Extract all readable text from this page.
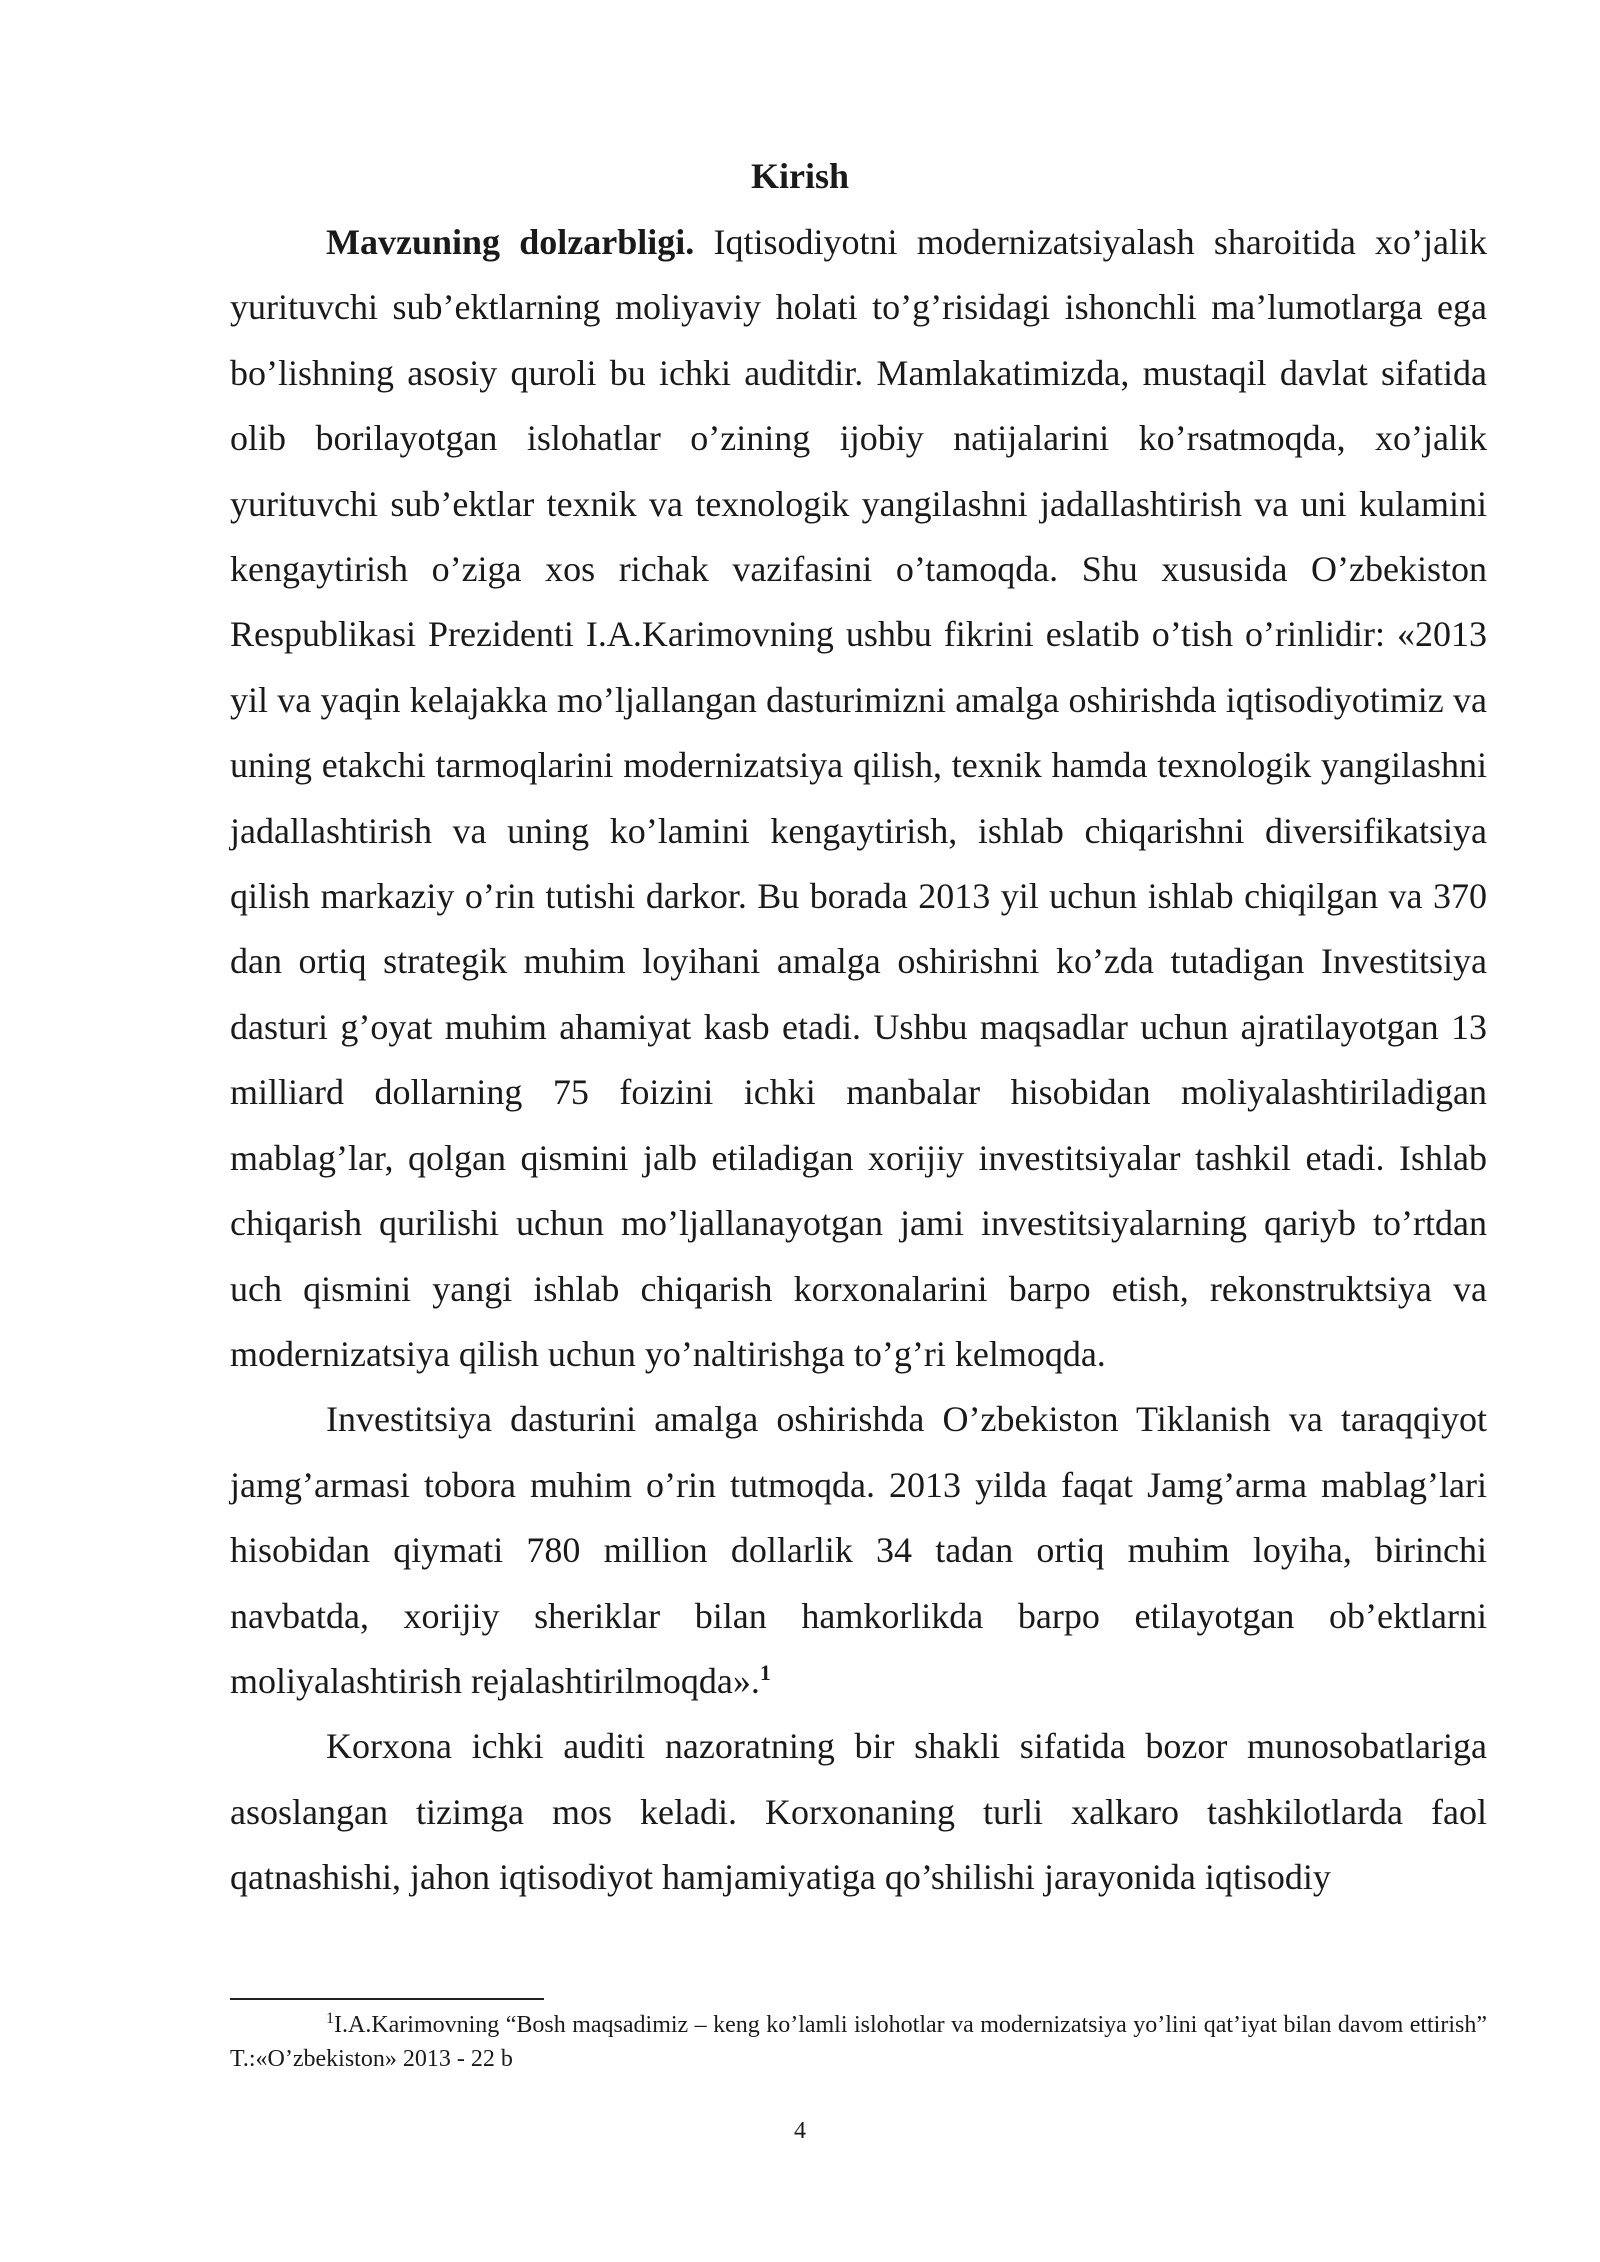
Kirish

Mavzuning dolzarbligi. Iqtisodiyotni modernizatsiyalash sharoitida xo’jalik yurituvchi sub’ektlarning moliyaviy holati to’g’risidagi ishonchli ma’lumotlarga ega bo’lishning asosiy quroli bu ichki auditdir. Mamlakatimizda, mustaqil davlat sifatida olib borilayotgan islohatlar o’zining ijobiy natijalarini ko’rsatmoqda, xo’jalik yurituvchi sub’ektlar texnik va texnologik yangilashni jadallashtirish va uni kulamini kengaytirish o’ziga xos richak vazifasini o’tamoqda. Shu xususida O’zbekiston Respublikasi Prezidenti I.A.Karimovning ushbu fikrini eslatib o’tish o’rinlidir: «2013 yil va yaqin kelajakka mo’ljallangan dasturimizni amalga oshirishda iqtisodiyotimiz va uning etakchi tarmoqlarini modernizatsiya qilish, texnik hamda texnologik yangilashni jadallashtirish va uning ko’lamini kengaytirish, ishlab chiqarishni diversifikatsiya qilish markaziy o’rin tutishi darkor. Bu borada 2013 yil uchun ishlab chiqilgan va 370 dan ortiq strategik muhim loyihani amalga oshirishni ko’zda tutadigan Investitsiya dasturi g’oyat muhim ahamiyat kasb etadi. Ushbu maqsadlar uchun ajratilayotgan 13 milliard dollarning 75 foizini ichki manbalar hisobidan moliyalashtiriladigan mablag’lar, qolgan qismini jalb etiladigan xorijiy investitsiyalar tashkil etadi. Ishlab chiqarish qurilishi uchun mo’ljallanayotgan jami investitsiyalarning qariyb to’rtdan uch qismini yangi ishlab chiqarish korxonalarini barpo etish, rekonstruktsiya va modernizatsiya qilish uchun yo’naltirishga to’g’ri kelmoqda.

Investitsiya dasturini amalga oshirishda O’zbekiston Tiklanish va taraqqiyot jamg’armasi tobora muhim o’rin tutmoqda. 2013 yilda faqat Jamg’arma mablag’lari hisobidan qiymati 780 million dollarlik 34 tadan ortiq muhim loyiha, birinchi navbatda, xorijiy sheriklar bilan hamkorlikda barpo etilayotgan ob’ektlarni moliyalashtirish rejalashtirilmoqda».$^1$

Korxona ichki auditi nazoratning bir shakli sifatida bozor munosobatlariga asoslangan tizimga mos keladi. Korxonaning turli xalkaro tashkilotlarda faol qatnashishi, jahon iqtisodiyot hamjamiyatiga qo’shilishi jarayonida iqtisodiy

$^1$I.A.Karimovning “Bosh maqsadimiz – keng ko’lamli islohotlar va modernizatsiya yo’lini qat’iyat bilan davom ettirish” T.:«O’zbekiston» 2013 - 22 b

4
